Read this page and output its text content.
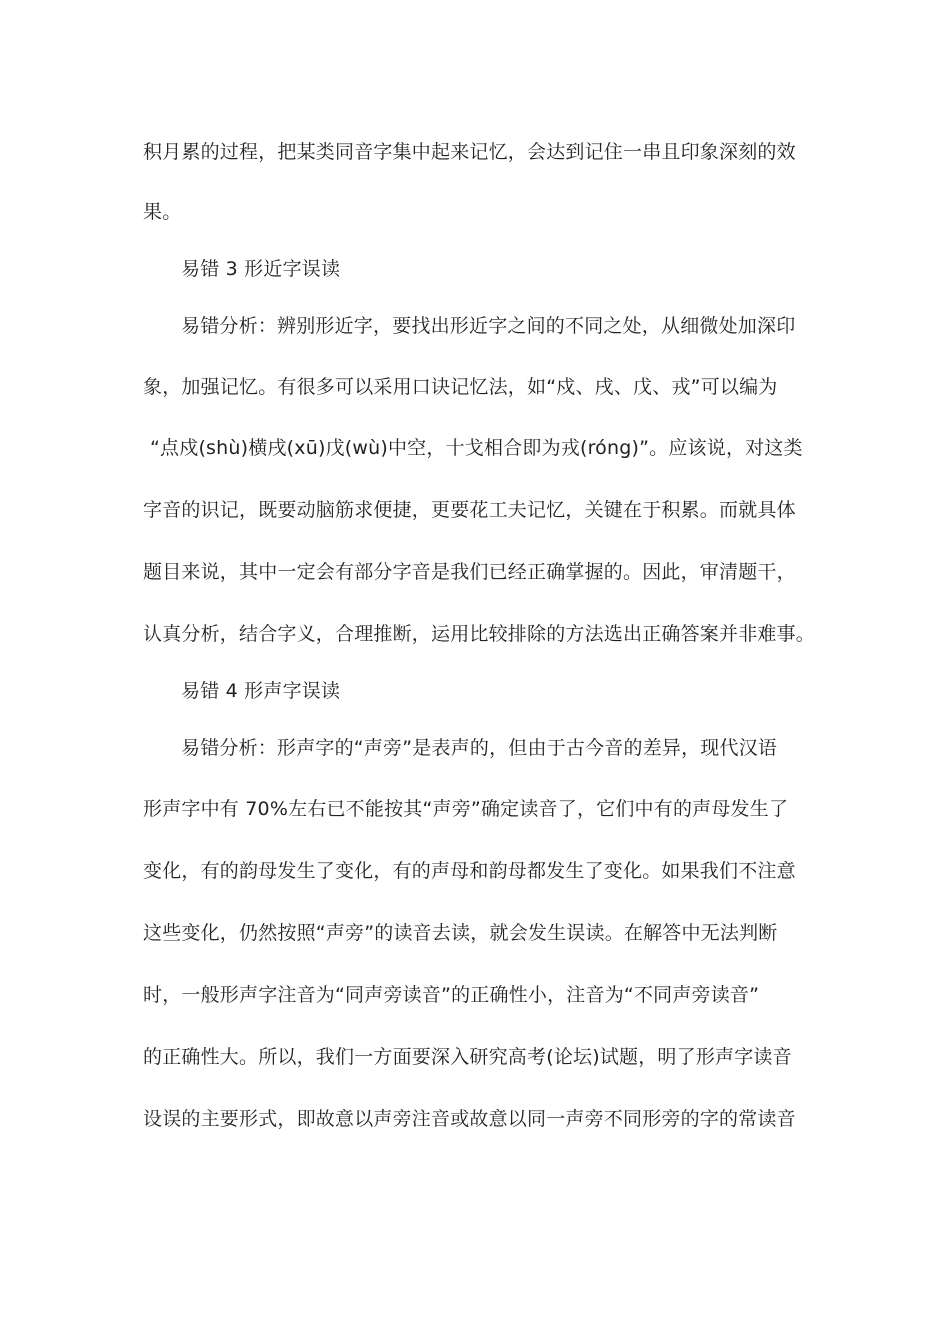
积月累的过程，把某类同音字集中起来记忆，会达到记住一串且印象深刻的效
果。
易错 3 形近字误读
易错分析：辨别形近字，要找出形近字之间的不同之处，从细微处加深印
象，加强记忆。有很多可以采用口诀记忆法，如“戍、戌、戊、戎”可以编为
“点戍(shù)横戌(xū)戊(wù)中空，十戈相合即为戎(róng)”。应该说，对这类
字音的识记，既要动脑筋求便捷，更要花工夫记忆，关键在于积累。而就具体
题目来说，其中一定会有部分字音是我们已经正确掌握的。因此，审清题干，
认真分析，结合字义，合理推断，运用比较排除的方法选出正确答案并非难事。
易错 4 形声字误读
易错分析：形声字的“声旁”是表声的，但由于古今音的差异，现代汉语
形声字中有 70%左右已不能按其“声旁”确定读音了，它们中有的声母发生了
变化，有的韵母发生了变化，有的声母和韵母都发生了变化。如果我们不注意
这些变化，仍然按照“声旁”的读音去读，就会发生误读。在解答中无法判断
时，一般形声字注音为“同声旁读音”的正确性小，注音为“不同声旁读音”
的正确性大。所以，我们一方面要深入研究高考(论坛)试题，明了形声字读音
设误的主要形式，即故意以声旁注音或故意以同一声旁不同形旁的字的常读音
